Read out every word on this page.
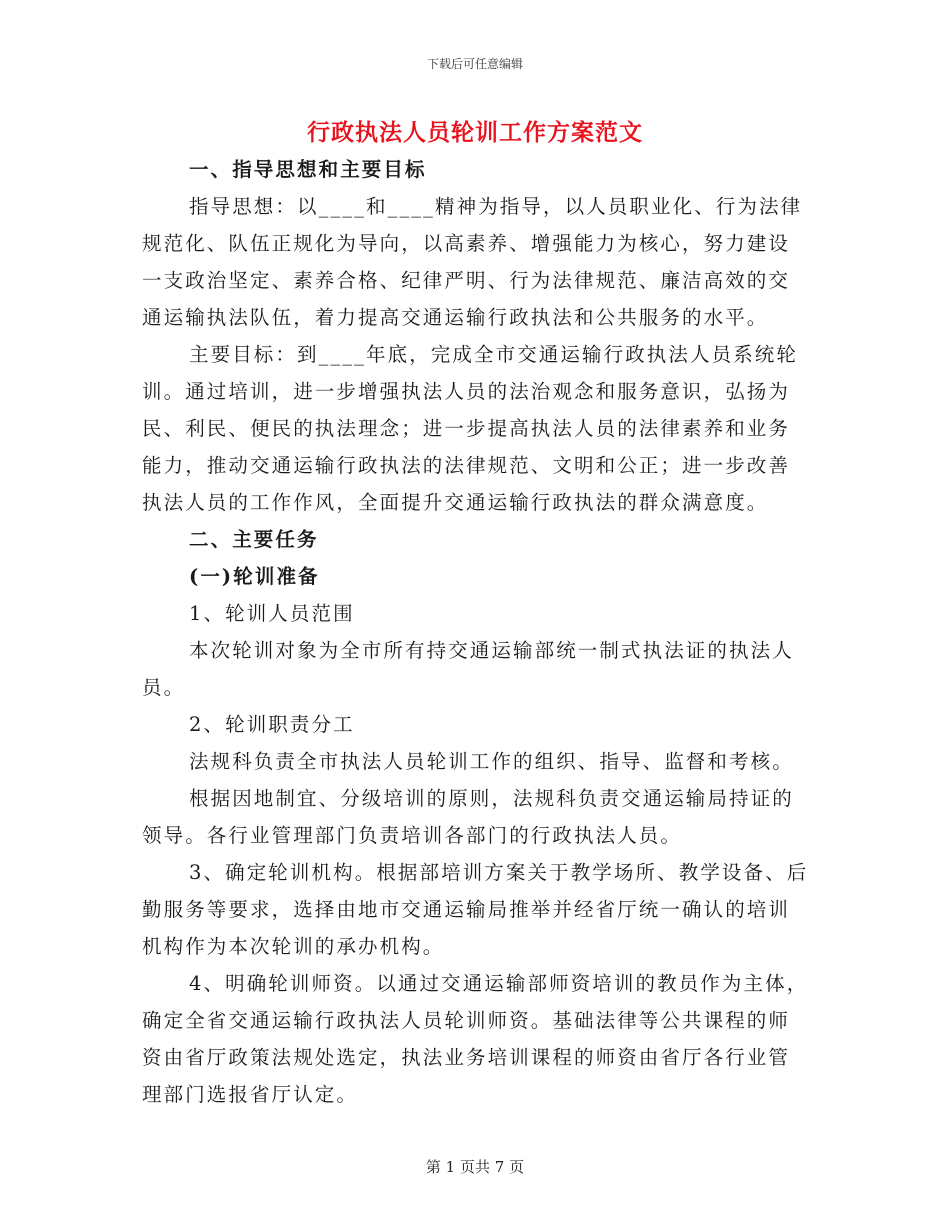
下载后可任意编辑
行政执法人员轮训工作方案范文
一、指导思想和主要目标
指导思想：以____和____精神为指导，以人员职业化、行为法律
规范化、队伍正规化为导向，以高素养、增强能力为核心，努力建设
一支政治坚定、素养合格、纪律严明、行为法律规范、廉洁高效的交
通运输执法队伍，着力提高交通运输行政执法和公共服务的水平。
主要目标：到____年底，完成全市交通运输行政执法人员系统轮
训。通过培训，进一步增强执法人员的法治观念和服务意识，弘扬为
民、利民、便民的执法理念；进一步提高执法人员的法律素养和业务
能力，推动交通运输行政执法的法律规范、文明和公正；进一步改善
执法人员的工作作风，全面提升交通运输行政执法的群众满意度。
二、主要任务
(一)轮训准备
1、轮训人员范围
本次轮训对象为全市所有持交通运输部统一制式执法证的执法人
员。
2、轮训职责分工
法规科负责全市执法人员轮训工作的组织、指导、监督和考核。
根据因地制宜、分级培训的原则，法规科负责交通运输局持证的
领导。各行业管理部门负责培训各部门的行政执法人员。
3、确定轮训机构。根据部培训方案关于教学场所、教学设备、后
勤服务等要求，选择由地市交通运输局推举并经省厅统一确认的培训
机构作为本次轮训的承办机构。
4、明确轮训师资。以通过交通运输部师资培训的教员作为主体，
确定全省交通运输行政执法人员轮训师资。基础法律等公共课程的师
资由省厅政策法规处选定，执法业务培训课程的师资由省厅各行业管
理部门选报省厅认定。
第 1 页共 7 页
